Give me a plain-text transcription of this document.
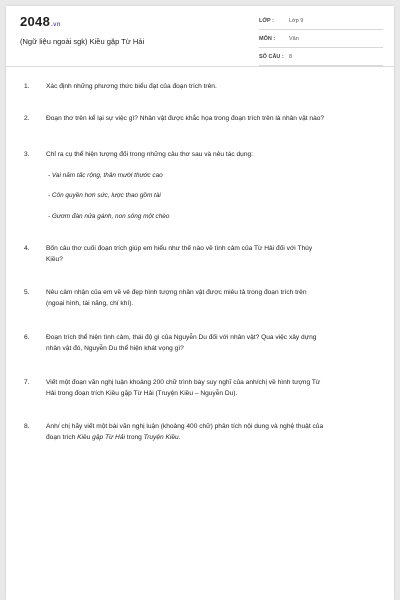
2048.vn
(Ngữ liệu ngoài sgk) Kiều gặp Từ Hải
LỚP :	Lớp 9
MÔN :	Văn
SỐ CÂU : 8
1.	Xác định những phương thức biểu đạt của đoạn trích trên.
2.	Đoạn thơ trên kể lại sự việc gì? Nhân vật được khắc họa trong đoạn trích trên là nhân vật nào?
3.	Chỉ ra cụ thể hiện tượng đối trong những câu thơ sau và nêu tác dụng:
- Vai năm tấc rộng, thân mười thước cao
- Côn quyền hơn sức, lược thao gồm tài
- Gươm đàn nửa gánh, non sông một chèo
4.	Bốn câu thơ cuối đoạn trích giúp em hiểu như thế nào về tình cảm của Từ Hải đối với Thúy
Kiều?
5.	Nêu cảm nhận của em về vẻ đẹp hình tượng nhân vật được miêu tả trong đoạn trích trên
(ngoại hình, tài năng, chí khí).
6.	Đoạn trích thể hiện tình cảm, thái độ gì của Nguyễn Du đối với nhân vật? Qua việc xây dựng
nhân vật đó, Nguyễn Du thể hiện khát vọng gì?
7.	Viết một đoạn văn nghị luận khoảng 200 chữ trình bày suy nghĩ của anh/chị về hình tượng Từ
Hải trong đoạn trích Kiều gặp Từ Hải (Truyện Kiều – Nguyễn Du).
8.	Anh/ chị hãy viết một bài văn nghị luận (khoảng 400 chữ) phân tích nội dung và nghệ thuật của
đoạn trích Kiều gặp Từ Hải trong Truyện Kiều.
